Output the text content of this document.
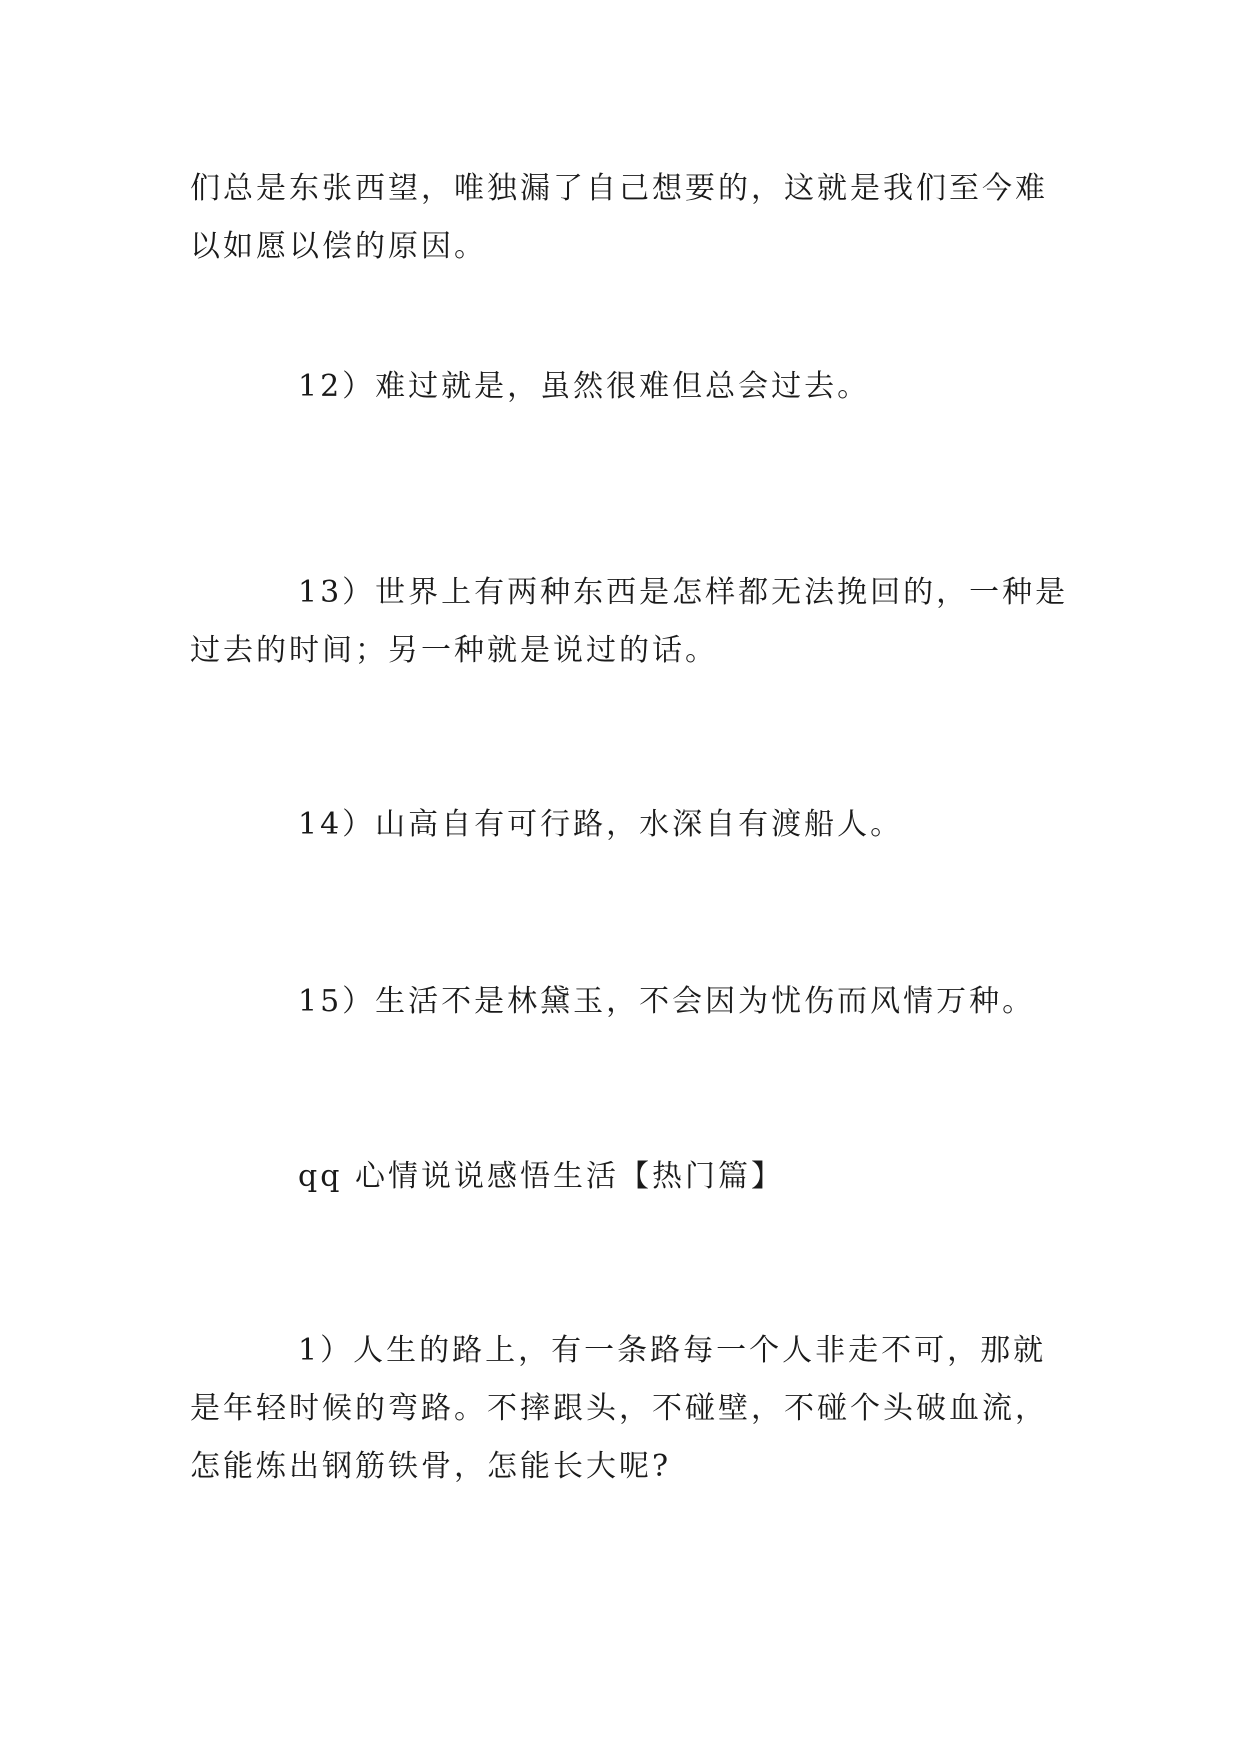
们总是东张西望，唯独漏了自己想要的，这就是我们至今难
以如愿以偿的原因。

12）难过就是，虽然很难但总会过去。

13）世界上有两种东西是怎样都无法挽回的，一种是
过去的时间；另一种就是说过的话。

14）山高自有可行路，水深自有渡船人。

15）生活不是林黛玉，不会因为忧伤而风情万种。

qq 心情说说感悟生活【热门篇】

1）人生的路上，有一条路每一个人非走不可，那就
是年轻时候的弯路。不摔跟头，不碰壁，不碰个头破血流，
怎能炼出钢筋铁骨，怎能长大呢?
